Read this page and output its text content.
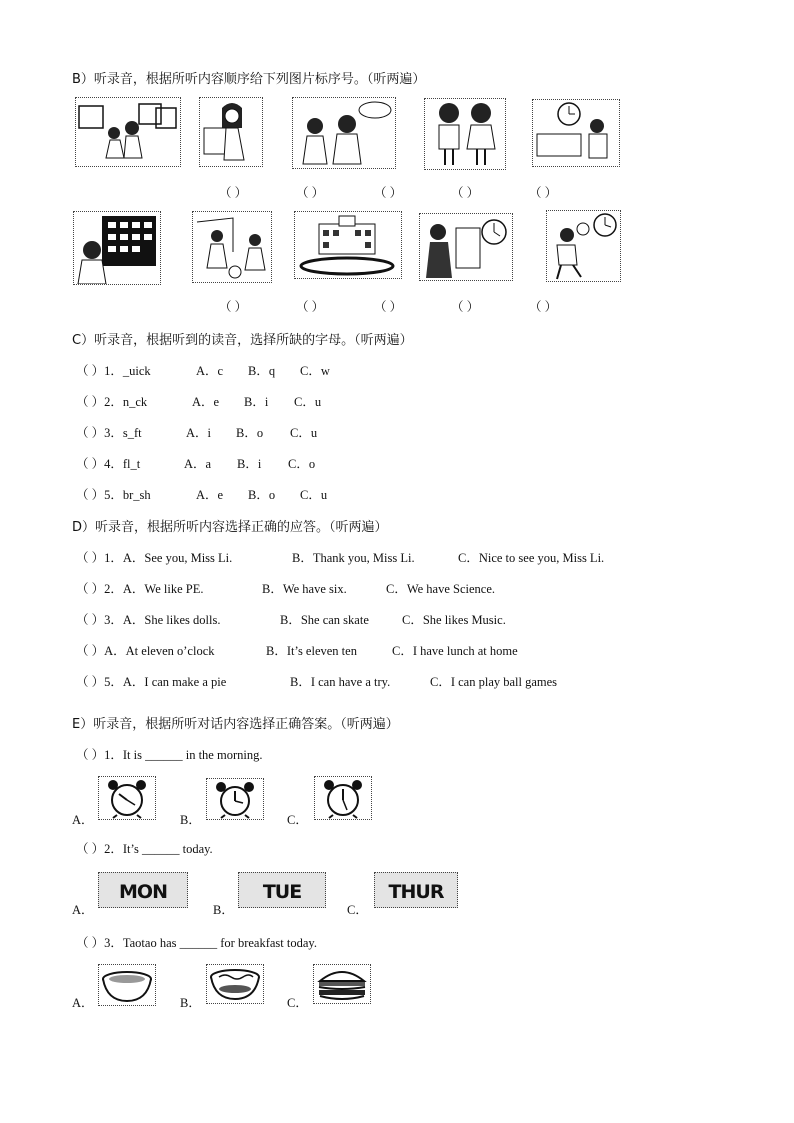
B）听录音，根据所听内容顺序给下列图片标序号。（听两遍）
（ ）	（ ）	（ ）	（ ）	（ ）
（ ）	（ ）	（ ）	（ ）	（ ）
C）听录音，根据听到的读音，选择所缺的字母。（听两遍）
（ ）1．_uick	A．c B．q C．w
（ ）2．n_ck	A．e B．i C．u
（ ）3．s_ft	A．i B．o C．u
（ ）4．fl_t	A．a B．i C．o
（ ）5．br_sh	A．e B．o C．u
D）听录音，根据所听内容选择正确的应答。（听两遍）
（ ）1．A．See you, Miss Li.	B．Thank you, Miss Li.	C．Nice to see you, Miss Li.
（ ）2．A．We like PE.	B．We have six.	C．We have Science.
（ ）3．A．She likes dolls.	B．She can skate	C．She likes Music.
（ ）A．At eleven o’clock	B．It’s eleven ten	C．I have lunch at home
（ ）5．A．I can make a pie	B．I can have a try.	C．I can play ball games
E）听录音，根据所听对话内容选择正确答案。（听两遍）
（ ）1．It is ______ in the morning.
A．	B．	C．
（ ）2．It’s ______ today.
A．
MON
B．
TUE
C．
THUR
（ ）3．Taotao has ______ for breakfast today.
A．	B．	C．
